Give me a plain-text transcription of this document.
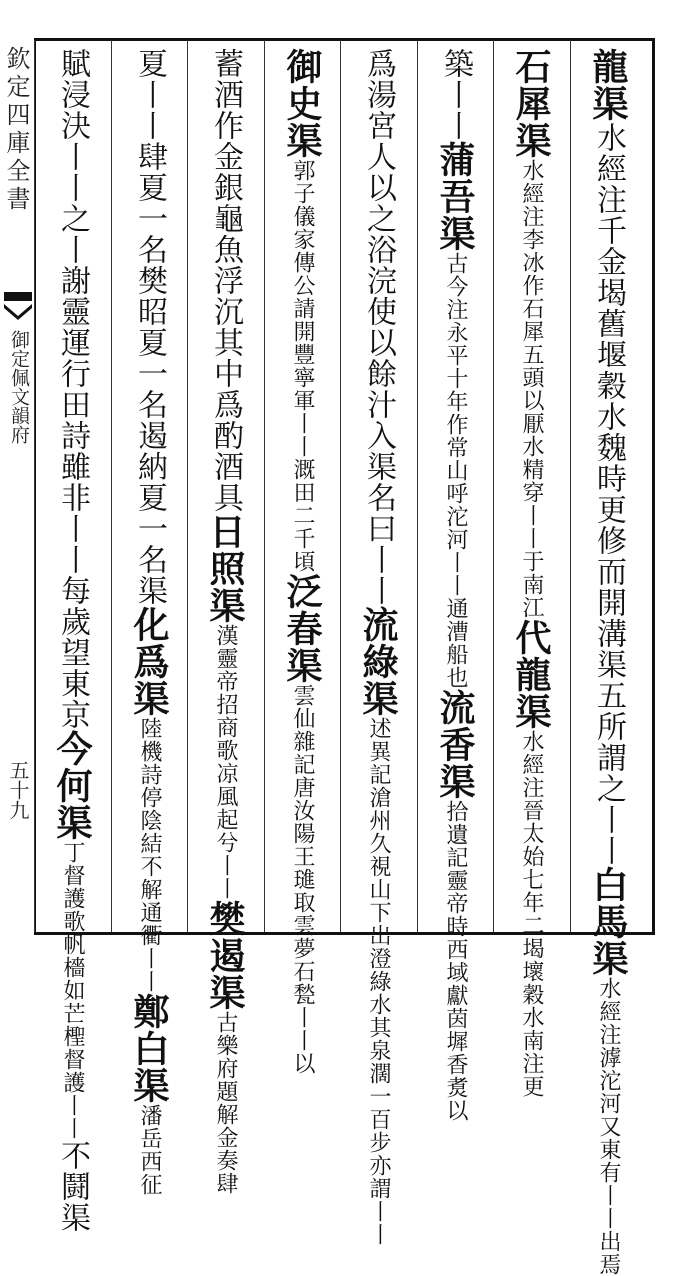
欽定四庫全書
御定佩文韻府
五十九
龍渠水經注千金堨舊堰穀水魏時更修而開溝渠五所謂之丨丨白馬渠水經注滹沱河又東有丨丨出焉
石犀渠水經注李冰作石犀五頭以厭水精穿丨丨于南江代龍渠水經注晉太始七年二堨壞穀水南注更
築丨丨蒲吾渠古今注永平十年作常山呼沱河丨丨通漕船也流香渠拾遺記靈帝時西域獻茵墀香煑以
爲湯宮人以之浴浣使以餘汁入渠名曰丨丨流綠渠述異記滄州久視山下出澄綠水其泉濶一百步亦謂丨丨
御史渠郭子儀家傳公請開豐寧軍丨丨溉田二千頃泛春渠雲仙雜記唐汝陽王璡取雲夢石甃丨丨以
蓄酒作金銀龜魚浮沉其中爲酌酒具日照渠漢靈帝招商歌凉風起兮丨丨樊遏渠古樂府題解金奏肆
夏丨丨肆夏一名樊昭夏一名遏納夏一名渠化爲渠陸機詩停陰結不解通衢丨丨鄭白渠潘岳西征
賦浸決丨丨之丨謝靈運行田詩雖非丨丨每歲望東京今何渠丁督護歌帆檣如芒檉督護丨丨不鬪渠
